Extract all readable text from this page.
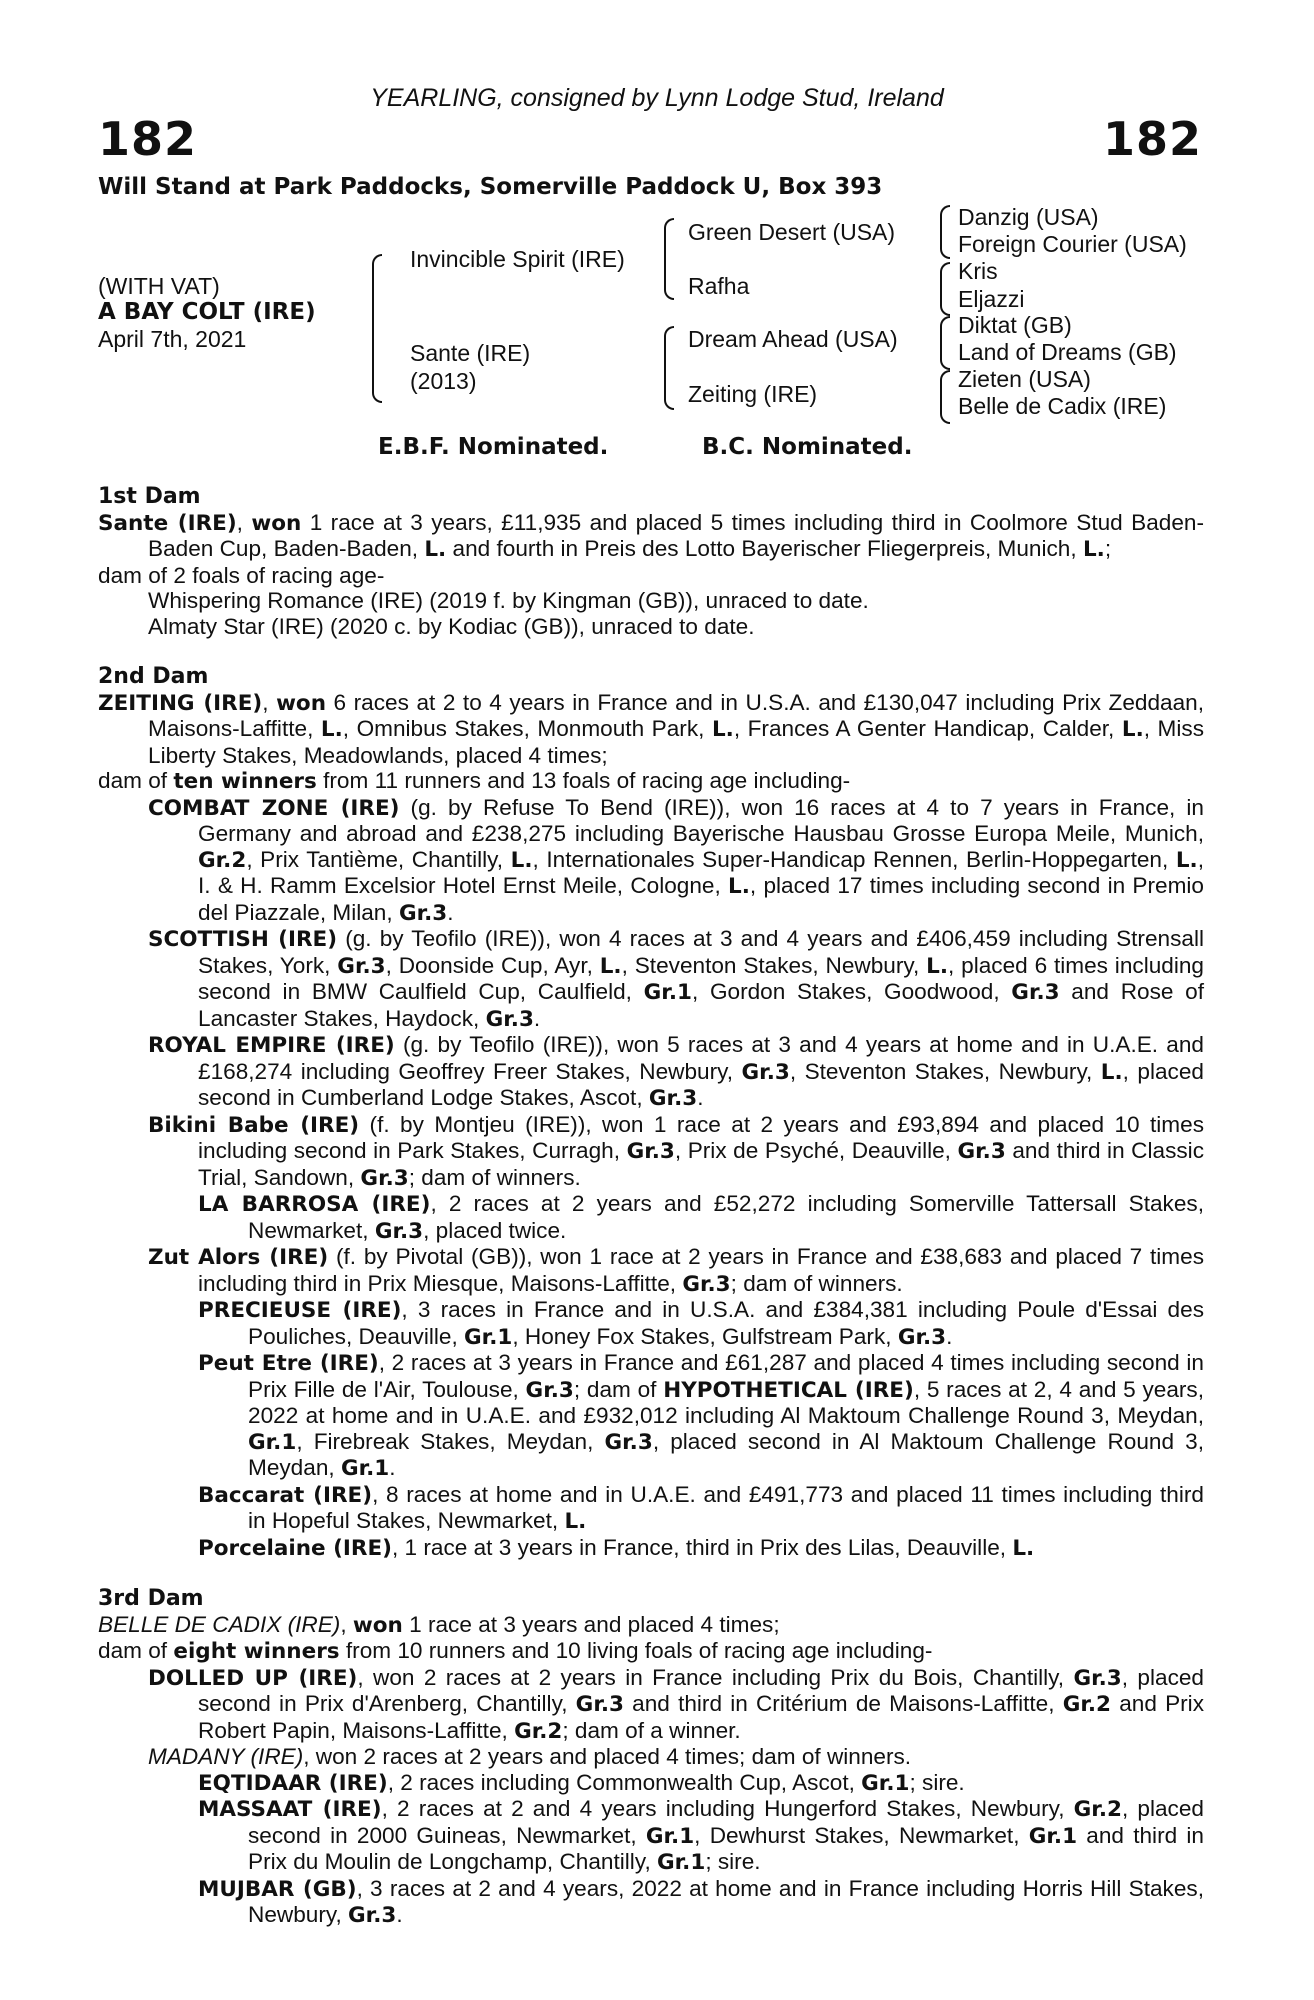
YEARLING, consigned by Lynn Lodge Stud, Ireland
182	182
Will Stand at Park Paddocks, Somerville Paddock U, Box 393
(WITH VAT)
A BAY COLT (IRE)
April 7th, 2021
Invincible Spirit (IRE)
Sante (IRE)
(2013)
Green Desert (USA)
Rafha
Dream Ahead (USA)
Zeiting (IRE)
Danzig (USA)
Foreign Courier (USA)
Kris
Eljazzi
Diktat (GB)
Land of Dreams (GB)
Zieten (USA)
Belle de Cadix (IRE)
E.B.F. Nominated.	B.C. Nominated.
1st Dam
Sante (IRE), won 1 race at 3 years, £11,935 and placed 5 times including third in Coolmore Stud Baden-Baden Cup, Baden-Baden, L. and fourth in Preis des Lotto Bayerischer Fliegerpreis, Munich, L.;
dam of 2 foals of racing age-
Whispering Romance (IRE) (2019 f. by Kingman (GB)), unraced to date.
Almaty Star (IRE) (2020 c. by Kodiac (GB)), unraced to date.
2nd Dam
ZEITING (IRE), won 6 races at 2 to 4 years in France and in U.S.A. and £130,047 including Prix Zeddaan, Maisons-Laffitte, L., Omnibus Stakes, Monmouth Park, L., Frances A Genter Handicap, Calder, L., Miss Liberty Stakes, Meadowlands, placed 4 times;
dam of ten winners from 11 runners and 13 foals of racing age including-
COMBAT ZONE (IRE) (g. by Refuse To Bend (IRE)), won 16 races at 4 to 7 years in France, in Germany and abroad and £238,275 including Bayerische Hausbau Grosse Europa Meile, Munich, Gr.2, Prix Tantième, Chantilly, L., Internationales Super-Handicap Rennen, Berlin-Hoppegarten, L., I. & H. Ramm Excelsior Hotel Ernst Meile, Cologne, L., placed 17 times including second in Premio del Piazzale, Milan, Gr.3.
SCOTTISH (IRE) (g. by Teofilo (IRE)), won 4 races at 3 and 4 years and £406,459 including Strensall Stakes, York, Gr.3, Doonside Cup, Ayr, L., Steventon Stakes, Newbury, L., placed 6 times including second in BMW Caulfield Cup, Caulfield, Gr.1, Gordon Stakes, Goodwood, Gr.3 and Rose of Lancaster Stakes, Haydock, Gr.3.
ROYAL EMPIRE (IRE) (g. by Teofilo (IRE)), won 5 races at 3 and 4 years at home and in U.A.E. and £168,274 including Geoffrey Freer Stakes, Newbury, Gr.3, Steventon Stakes, Newbury, L., placed second in Cumberland Lodge Stakes, Ascot, Gr.3.
Bikini Babe (IRE) (f. by Montjeu (IRE)), won 1 race at 2 years and £93,894 and placed 10 times including second in Park Stakes, Curragh, Gr.3, Prix de Psyché, Deauville, Gr.3 and third in Classic Trial, Sandown, Gr.3; dam of winners.
LA BARROSA (IRE), 2 races at 2 years and £52,272 including Somerville Tattersall Stakes, Newmarket, Gr.3, placed twice.
Zut Alors (IRE) (f. by Pivotal (GB)), won 1 race at 2 years in France and £38,683 and placed 7 times including third in Prix Miesque, Maisons-Laffitte, Gr.3; dam of winners.
PRECIEUSE (IRE), 3 races in France and in U.S.A. and £384,381 including Poule d'Essai des Pouliches, Deauville, Gr.1, Honey Fox Stakes, Gulfstream Park, Gr.3.
Peut Etre (IRE), 2 races at 3 years in France and £61,287 and placed 4 times including second in Prix Fille de l'Air, Toulouse, Gr.3; dam of HYPOTHETICAL (IRE), 5 races at 2, 4 and 5 years, 2022 at home and in U.A.E. and £932,012 including Al Maktoum Challenge Round 3, Meydan, Gr.1, Firebreak Stakes, Meydan, Gr.3, placed second in Al Maktoum Challenge Round 3, Meydan, Gr.1.
Baccarat (IRE), 8 races at home and in U.A.E. and £491,773 and placed 11 times including third in Hopeful Stakes, Newmarket, L.
Porcelaine (IRE), 1 race at 3 years in France, third in Prix des Lilas, Deauville, L.
3rd Dam
BELLE DE CADIX (IRE), won 1 race at 3 years and placed 4 times;
dam of eight winners from 10 runners and 10 living foals of racing age including-
DOLLED UP (IRE), won 2 races at 2 years in France including Prix du Bois, Chantilly, Gr.3, placed second in Prix d'Arenberg, Chantilly, Gr.3 and third in Critérium de Maisons-Laffitte, Gr.2 and Prix Robert Papin, Maisons-Laffitte, Gr.2; dam of a winner.
MADANY (IRE), won 2 races at 2 years and placed 4 times; dam of winners.
EQTIDAAR (IRE), 2 races including Commonwealth Cup, Ascot, Gr.1; sire.
MASSAAT (IRE), 2 races at 2 and 4 years including Hungerford Stakes, Newbury, Gr.2, placed second in 2000 Guineas, Newmarket, Gr.1, Dewhurst Stakes, Newmarket, Gr.1 and third in Prix du Moulin de Longchamp, Chantilly, Gr.1; sire.
MUJBAR (GB), 3 races at 2 and 4 years, 2022 at home and in France including Horris Hill Stakes, Newbury, Gr.3.
